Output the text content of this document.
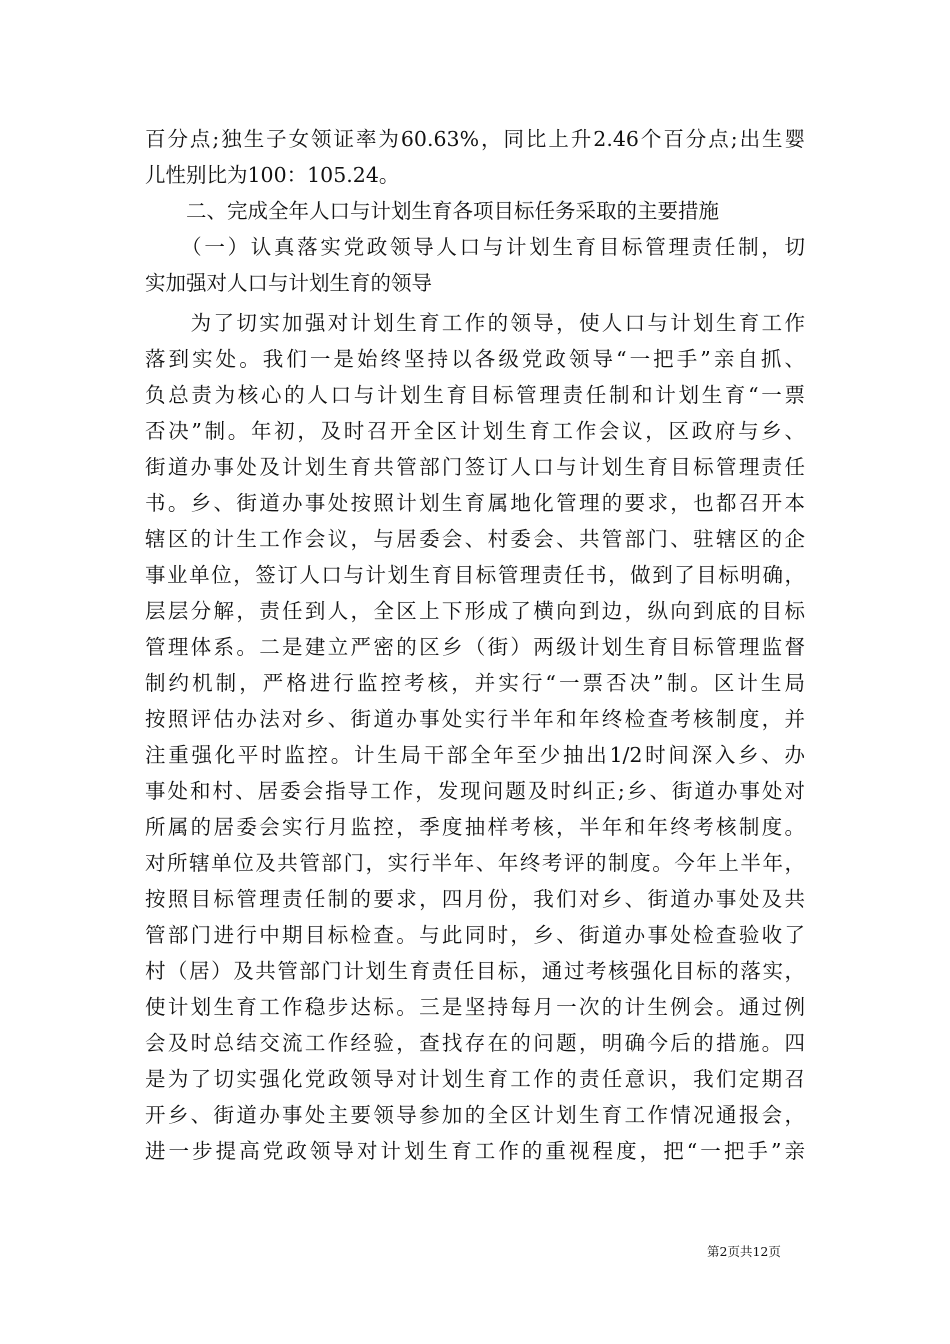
百分点;独生子女领证率为60.63%，同比上升2.46个百分点;出生婴
儿性别比为100：105.24。
　　二、完成全年人口与计划生育各项目标任务采取的主要措施
　　（一）认真落实党政领导人口与计划生育目标管理责任制，切
实加强对人口与计划生育的领导
　　为了切实加强对计划生育工作的领导，使人口与计划生育工作
落到实处。我们一是始终坚持以各级党政领导“一把手”亲自抓、
负总责为核心的人口与计划生育目标管理责任制和计划生育“一票
否决”制。年初，及时召开全区计划生育工作会议，区政府与乡、
街道办事处及计划生育共管部门签订人口与计划生育目标管理责任
书。乡、街道办事处按照计划生育属地化管理的要求，也都召开本
辖区的计生工作会议，与居委会、村委会、共管部门、驻辖区的企
事业单位，签订人口与计划生育目标管理责任书，做到了目标明确，
层层分解，责任到人，全区上下形成了横向到边，纵向到底的目标
管理体系。二是建立严密的区乡（街）两级计划生育目标管理监督
制约机制，严格进行监控考核，并实行“一票否决”制。区计生局
按照评估办法对乡、街道办事处实行半年和年终检查考核制度，并
注重强化平时监控。计生局干部全年至少抽出1/2时间深入乡、办
事处和村、居委会指导工作，发现问题及时纠正;乡、街道办事处对
所属的居委会实行月监控，季度抽样考核，半年和年终考核制度。
对所辖单位及共管部门，实行半年、年终考评的制度。今年上半年，
按照目标管理责任制的要求，四月份，我们对乡、街道办事处及共
管部门进行中期目标检查。与此同时，乡、街道办事处检查验收了
村（居）及共管部门计划生育责任目标，通过考核强化目标的落实，
使计划生育工作稳步达标。三是坚持每月一次的计生例会。通过例
会及时总结交流工作经验，查找存在的问题，明确今后的措施。四
是为了切实强化党政领导对计划生育工作的责任意识，我们定期召
开乡、街道办事处主要领导参加的全区计划生育工作情况通报会，
进一步提高党政领导对计划生育工作的重视程度，把“一把手”亲
第2页共12页
